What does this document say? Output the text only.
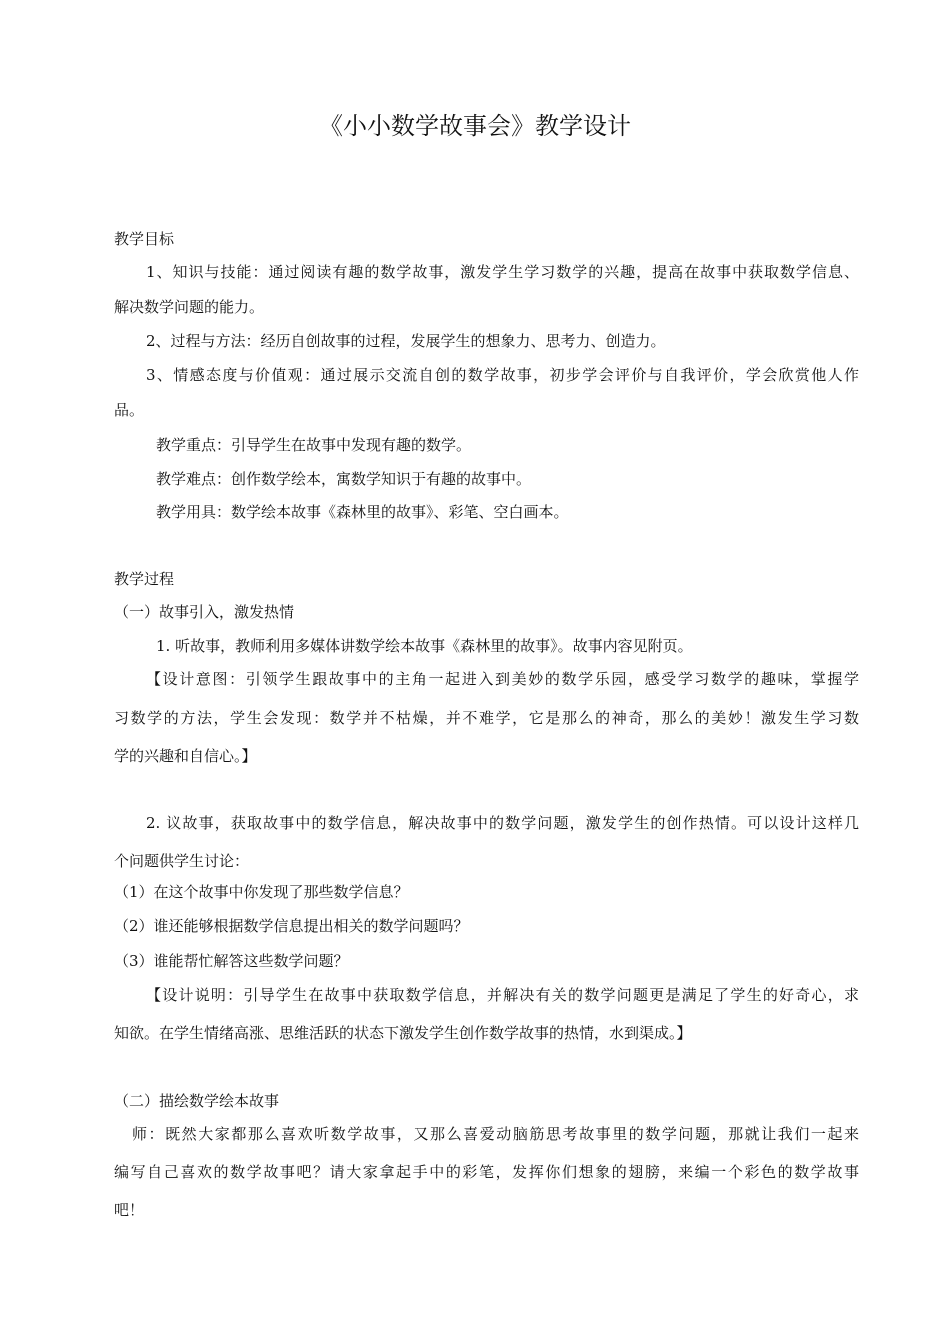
《小小数学故事会》教学设计
教学目标
1、知识与技能：通过阅读有趣的数学故事，激发学生学习数学的兴趣，提高在故事中获取数学信息、
解决数学问题的能力。
2、过程与方法：经历自创故事的过程，发展学生的想象力、思考力、创造力。
3、情感态度与价值观：通过展示交流自创的数学故事，初步学会评价与自我评价，学会欣赏他人作
品。
教学重点：引导学生在故事中发现有趣的数学。
教学难点：创作数学绘本，寓数学知识于有趣的故事中。
教学用具：数学绘本故事《森林里的故事》、彩笔、空白画本。
教学过程
（一）故事引入，激发热情
1. 听故事，教师利用多媒体讲数学绘本故事《森林里的故事》。故事内容见附页。
【设计意图：引领学生跟故事中的主角一起进入到美妙的数学乐园，感受学习数学的趣味，掌握学
习数学的方法，学生会发现：数学并不枯燥，并不难学，它是那么的神奇，那么的美妙！激发生学习数
学的兴趣和自信心。】
2. 议故事，获取故事中的数学信息，解决故事中的数学问题，激发学生的创作热情。可以设计这样几
个问题供学生讨论：
（1）在这个故事中你发现了那些数学信息？
（2）谁还能够根据数学信息提出相关的数学问题吗？
（3）谁能帮忙解答这些数学问题？
【设计说明：引导学生在故事中获取数学信息，并解决有关的数学问题更是满足了学生的好奇心，求
知欲。在学生情绪高涨、思维活跃的状态下激发学生创作数学故事的热情，水到渠成。】
（二）描绘数学绘本故事
师：既然大家都那么喜欢听数学故事，又那么喜爱动脑筋思考故事里的数学问题，那就让我们一起来
编写自己喜欢的数学故事吧？请大家拿起手中的彩笔，发挥你们想象的翅膀，来编一个彩色的数学故事
吧！
